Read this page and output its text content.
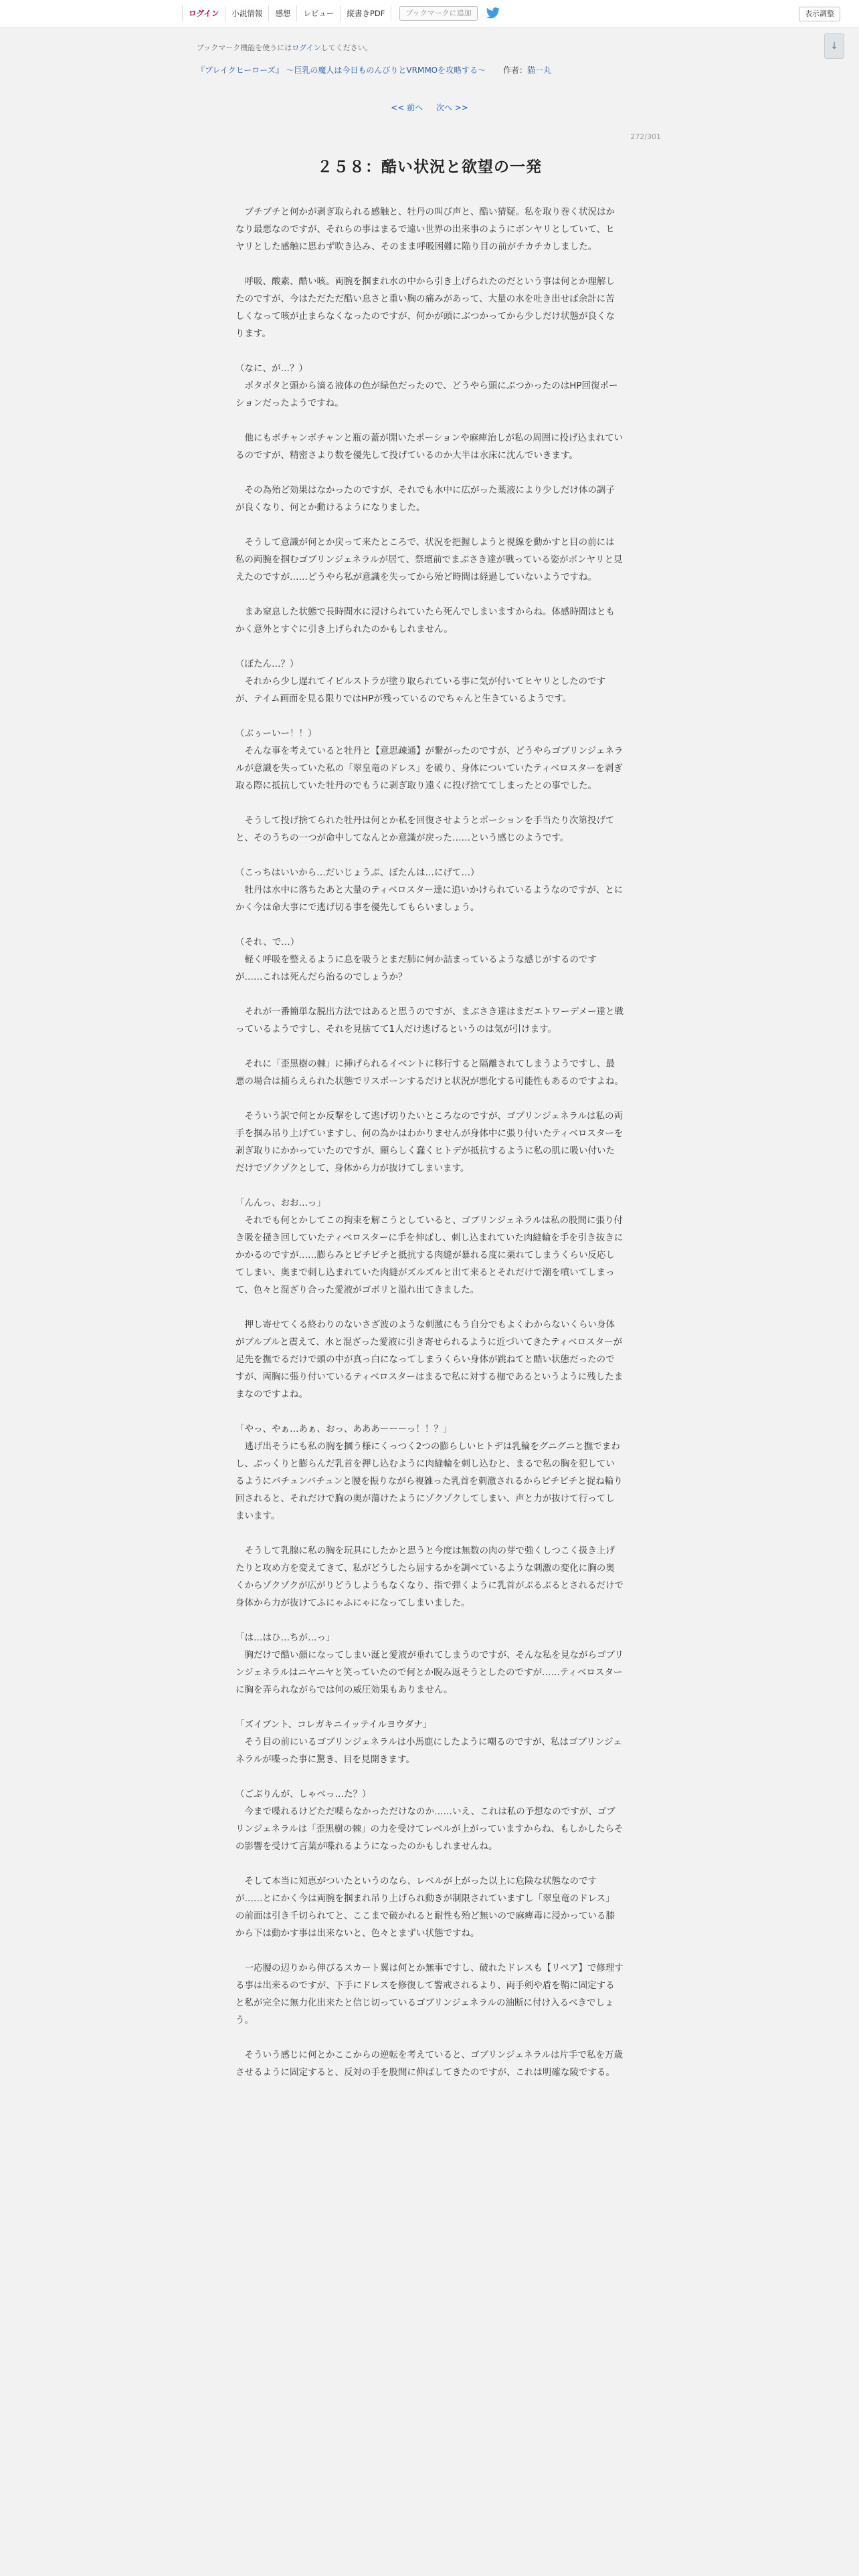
ログイン	小説情報	感想	レビュー	縦書きPDF	ブックマークに追加	表示調整
↓
ブックマーク機能を使うにはログインしてください。
『ブレイクヒーローズ』 〜巨乳の魔人は今日ものんびりとVRMMOを攻略する〜 作者：猫一丸
<< 前へ 次へ >>
272/301
２５８：酷い状況と欲望の一発

　ブチブチと何かが剥ぎ取られる感触と、牡丹の叫び声と、酷い猜疑。私を取り巻く状況はかなり最悪なのですが、それらの事はまるで遠い世界の出来事のようにボンヤリとしていて、ヒヤリとした感触に思わず吹き込み、そのまま呼吸困難に陥り目の前がチカチカしました。

　呼吸、酸素、酷い咳。両腕を掴まれ水の中から引き上げられたのだという事は何とか理解したのですが、今はただただ酷い息さと重い胸の痛みがあって、大量の水を吐き出せば余計に苦しくなって咳が止まらなくなったのですが、何かが頭にぶつかってから少しだけ状態が良くなります。

（なに、が…？）
　ポタポタと頭から滴る液体の色が緑色だったので、どうやら頭にぶつかったのはHP回復ポーションだったようですね。

　他にもボチャンボチャンと瓶の蓋が開いたポーションや麻痺治しが私の周囲に投げ込まれているのですが、精密さより数を優先して投げているのか大半は水床に沈んでいきます。

　その為殆ど効果はなかったのですが、それでも水中に広がった薬液により少しだけ体の調子が良くなり、何とか動けるようになりました。

　そうして意識が何とか戻って来たところで、状況を把握しようと視線を動かすと目の前には私の両腕を掴むゴブリンジェネラルが居て、祭壇前でまぶさき達が戦っている姿がボンヤリと見えたのですが……どうやら私が意識を失ってから殆ど時間は経過していないようですね。

　まあ窒息した状態で長時間水に浸けられていたら死んでしまいますからね。体感時間はともかく意外とすぐに引き上げられたのかもしれません。

（ぼたん…？）
　それから少し遅れてイビルストラが塗り取られている事に気が付いてヒヤリとしたのですが、テイム画面を見る限りではHPが残っているのでちゃんと生きているようです。

（ぶぅーいー！！）
　そんな事を考えていると牡丹と【意思疎通】が繋がったのですが、どうやらゴブリンジェネラルが意識を失っていた私の「翠皇竜のドレス」を破り、身体についていたティベロスターを剥ぎ取る際に抵抗していた牡丹のでもうに剥ぎ取り遠くに投げ捨ててしまったとの事でした。

　そうして投げ捨てられた牡丹は何とか私を回復させようとポーションを手当たり次第投げてと、そのうちの一つが命中してなんとか意識が戻った……という感じのようです。

（こっちはいいから…だいじょうぶ、ぼたんは…にげて…）
　牡丹は水中に落ちたあと大量のティベロスター達に追いかけられているようなのですが、とにかく今は命大事にで逃げ切る事を優先してもらいましょう。

（それ、で…）
　軽く呼吸を整えるように息を吸うとまだ肺に何か詰まっているような感じがするのですが……これは死んだら治るのでしょうか？

　それが一番簡単な脱出方法ではあると思うのですが、まぶさき達はまだエトワーデメー達と戦っているようですし、それを見捨てて1人だけ逃げるというのは気が引けます。

　それに「歪黒樹の棘」に挿げられるイベントに移行すると隔離されてしまうようですし、最悪の場合は捕らえられた状態でリスポーンするだけと状況が悪化する可能性もあるのですよね。

　そういう訳で何とか反撃をして逃げ切りたいところなのですが、ゴブリンジェネラルは私の両手を掴み吊り上げていますし、何の為かはわかりませんが身体中に張り付いたティベロスターを剥ぎ取りにかかっていたのですが、願らしく蠢くヒトデが抵抗するように私の肌に吸い付いただけでゾクゾクとして、身体から力が抜けてしまいます。

「んんっ、おお…っ」
　それでも何とかしてこの拘束を解こうとしていると、ゴブリンジェネラルは私の股間に張り付き吸を掻き回していたティベロスターに手を伸ばし、刺し込まれていた肉縫輪を手を引き抜きにかかるのですが……膨らみとビチビチと抵抗する肉縫が暴れる度に栗れてしまうくらい反応してしまい、奥まで刺し込まれていた肉縫がズルズルと出て来るとそれだけで潮を噴いてしまって、色々と混ざり合った愛液がゴボリと溢れ出てきました。

　押し寄せてくる終わりのないさざ波のような刺激にもう自分でもよくわからないくらい身体がブルブルと震えて、水と混ざった愛液に引き寄せられるように近づいてきたティベロスターが足先を撫でるだけで頭の中が真っ白になってしまうくらい身体が跳ねてと酷い状態だったのですが、両胸に張り付いているティベロスターはまるで私に対する枷であるというように残したままなのですよね。

「やっ、やぁ…あぁ、おっ、あああーーーっ！！？」
　逃げ出そうにも私の胸を摑う様にくっつく2つの膨らしいヒトデは乳輪をグニグニと撫でまわし、ぶっくりと膨らんだ乳首を押し込むように肉縫輪を刺し込むと、まるで私の胸を犯しているようにバチュンバチュンと腰を振りながら複雑った乳首を刺激されるからピチピチと捉ね輪り回されると、それだけで胸の奥が蕩けたようにゾクゾクしてしまい、声と力が抜けて行ってしまいます。

　そうして乳腺に私の胸を玩具にしたかと思うと今度は無数の肉の芽で強くしつこく扱き上げたりと攻め方を変えてきて、私がどうしたら屈するかを調べているような刺激の変化に胸の奥くからゾクゾクが広がりどうしようもなくなり、指で弾くように乳首がぶるぶるとされるだけで身体から力が抜けてふにゃふにゃになってしまいました。

「は…はひ…ちが…っ」
　胸だけで酷い顔になってしまい涎と愛液が垂れてしまうのですが、そんな私を見ながらゴブリンジェネラルはニヤニヤと笑っていたので何とか睨み返そうとしたのですが……ティベロスターに胸を弄られながらでは何の威圧効果もありません。

「ズイブント、コレガキニイッテイルヨウダナ」
　そう目の前にいるゴブリンジェネラルは小馬鹿にしたように嘲るのですが、私はゴブリンジェネラルが喋った事に驚き、目を見開きます。

（ごぶりんが、しゃべっ…た？）
　今まで喋れるけどただ喋らなかっただけなのか……いえ、これは私の予想なのですが、ゴブリンジェネラルは「歪黒樹の棘」の力を受けてレベルが上がっていますからね、もしかしたらその影響を受けて言葉が喋れるようになったのかもしれませんね。

　そして本当に知恵がついたというのなら、レベルが上がった以上に危険な状態なのですが……とにかく今は両腕を掴まれ吊り上げられ動きが制限されていますし「翠皇竜のドレス」の前面は引き千切られてと、ここまで破かれると耐性も殆ど無いので麻痺毒に浸かっている膝から下は動かす事は出来ないと、色々とまずい状態ですね。

　一応腰の辺りから伸びるスカート翼は何とか無事ですし、破れたドレスも【リペア】で修理する事は出来るのですが、下手にドレスを修復して警戒されるより、両手剣や盾を鞘に固定すると私が完全に無力化出来たと信じ切っているゴブリンジェネラルの油断に付け入るべきでしょう。

　そういう感じに何とかここからの逆転を考えていると、ゴブリンジェネラルは片手で私を万歳させるように固定すると、反対の手を股間に伸ばしてきたのですが、これは明確な陵でする。
